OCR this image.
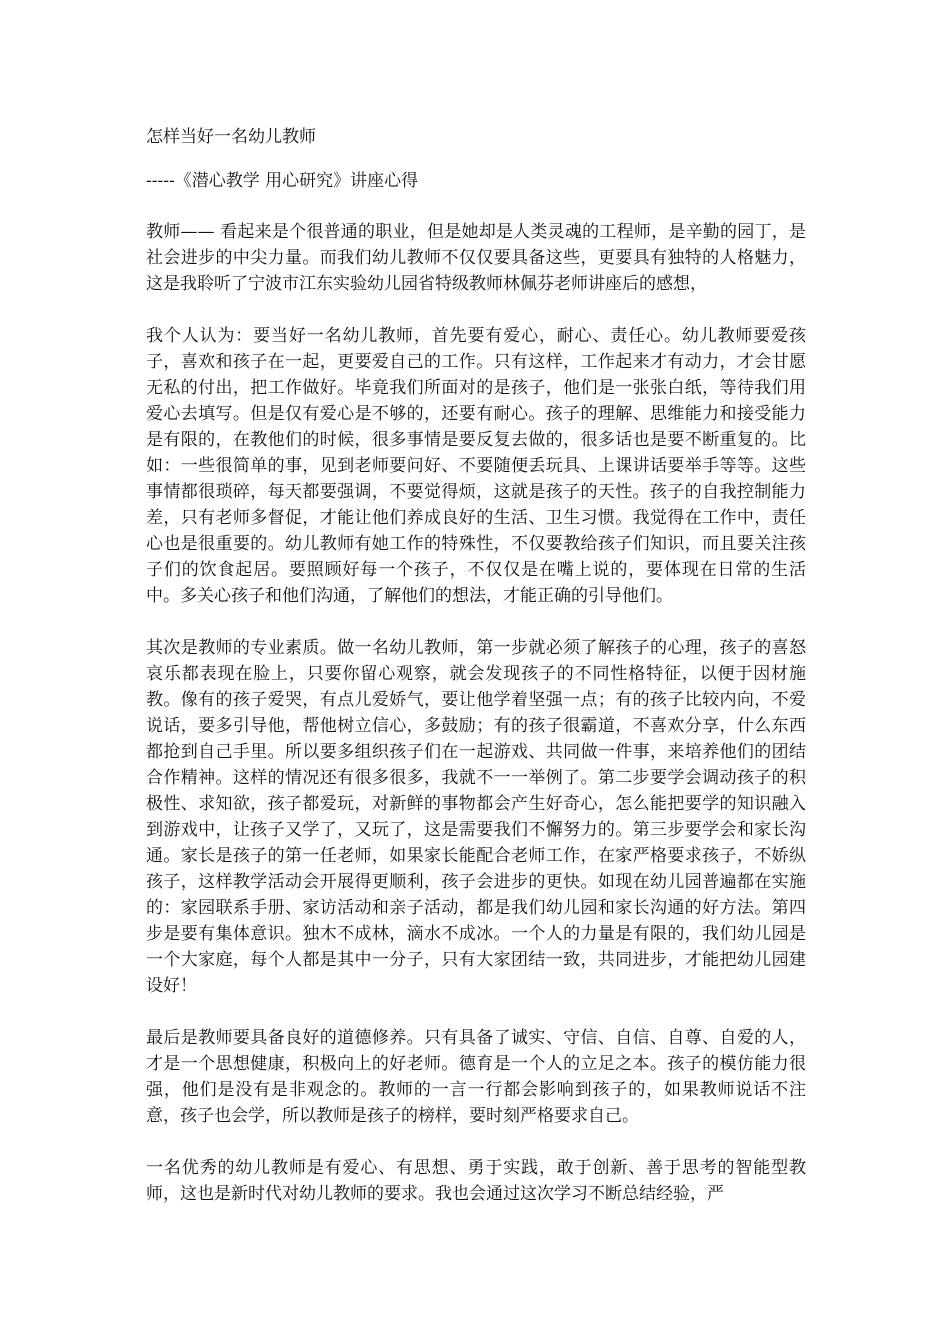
怎样当好一名幼儿教师
-----《潜心教学 用心研究》讲座心得

教师—— 看起来是个很普通的职业，但是她却是人类灵魂的工程师，是辛勤的园丁，是社会进步的中尖力量。而我们幼儿教师不仅仅要具备这些，更要具有独特的人格魅力，这是我聆听了宁波市江东实验幼儿园省特级教师林佩芬老师讲座后的感想，

我个人认为：要当好一名幼儿教师，首先要有爱心，耐心、责任心。幼儿教师要爱孩子，喜欢和孩子在一起，更要爱自己的工作。只有这样，工作起来才有动力，才会甘愿无私的付出，把工作做好。毕竟我们所面对的是孩子，他们是一张张白纸，等待我们用爱心去填写。但是仅有爱心是不够的，还要有耐心。孩子的理解、思维能力和接受能力是有限的，在教他们的时候，很多事情是要反复去做的，很多话也是要不断重复的。比如：一些很简单的事，见到老师要问好、不要随便丢玩具、上课讲话要举手等等。这些事情都很琐碎，每天都要强调，不要觉得烦，这就是孩子的天性。孩子的自我控制能力差，只有老师多督促，才能让他们养成良好的生活、卫生习惯。我觉得在工作中，责任心也是很重要的。幼儿教师有她工作的特殊性，不仅要教给孩子们知识，而且要关注孩子们的饮食起居。要照顾好每一个孩子，不仅仅是在嘴上说的，要体现在日常的生活中。多关心孩子和他们沟通，了解他们的想法，才能正确的引导他们。

其次是教师的专业素质。做一名幼儿教师，第一步就必须了解孩子的心理，孩子的喜怒哀乐都表现在脸上，只要你留心观察，就会发现孩子的不同性格特征，以便于因材施教。像有的孩子爱哭，有点儿爱娇气，要让他学着坚强一点；有的孩子比较内向，不爱说话，要多引导他，帮他树立信心，多鼓励；有的孩子很霸道，不喜欢分享，什么东西都抢到自己手里。所以要多组织孩子们在一起游戏、共同做一件事，来培养他们的团结合作精神。这样的情况还有很多很多，我就不一一举例了。第二步要学会调动孩子的积极性、求知欲，孩子都爱玩，对新鲜的事物都会产生好奇心，怎么能把要学的知识融入到游戏中，让孩子又学了，又玩了，这是需要我们不懈努力的。第三步要学会和家长沟通。家长是孩子的第一任老师，如果家长能配合老师工作，在家严格要求孩子，不娇纵孩子，这样教学活动会开展得更顺利，孩子会进步的更快。如现在幼儿园普遍都在实施的：家园联系手册、家访活动和亲子活动，都是我们幼儿园和家长沟通的好方法。第四步是要有集体意识。独木不成林，滴水不成冰。一个人的力量是有限的，我们幼儿园是一个大家庭，每个人都是其中一分子，只有大家团结一致，共同进步，才能把幼儿园建设好！

最后是教师要具备良好的道德修养。只有具备了诚实、守信、自信、自尊、自爱的人，才是一个思想健康，积极向上的好老师。德育是一个人的立足之本。孩子的模仿能力很强，他们是没有是非观念的。教师的一言一行都会影响到孩子的，如果教师说话不注意，孩子也会学，所以教师是孩子的榜样，要时刻严格要求自己。

一名优秀的幼儿教师是有爱心、有思想、勇于实践，敢于创新、善于思考的智能型教师，这也是新时代对幼儿教师的要求。我也会通过这次学习不断总结经验，严
